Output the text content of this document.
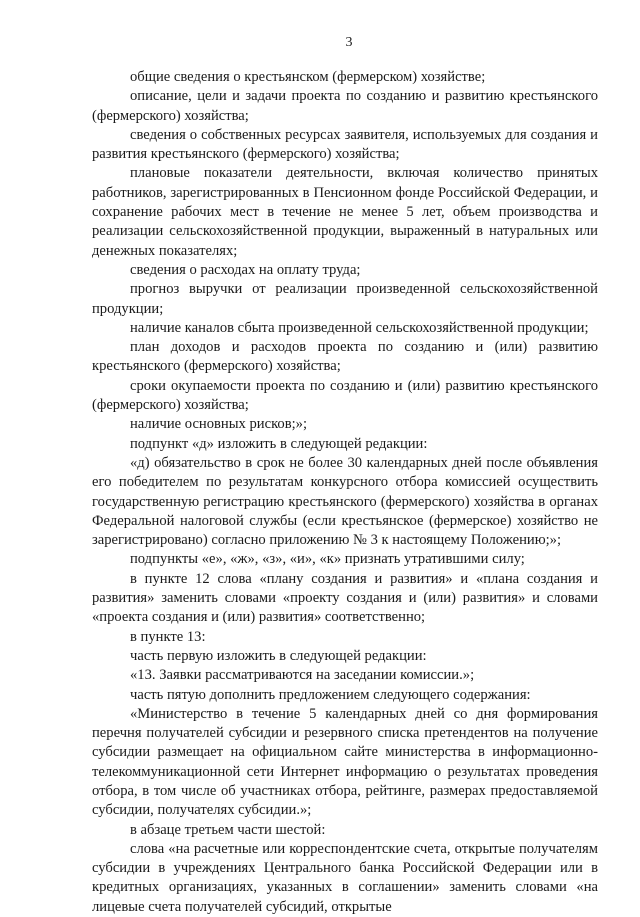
3

общие сведения о крестьянском (фермерском) хозяйстве;

описание, цели и задачи проекта по созданию и развитию крестьянского (фермерского) хозяйства;

сведения о собственных ресурсах заявителя, используемых для создания и развития крестьянского (фермерского) хозяйства;

плановые показатели деятельности, включая количество принятых работников, зарегистрированных в Пенсионном фонде Российской Федерации, и сохранение рабочих мест в течение не менее 5 лет, объем производства и реализации сельскохозяйственной продукции, выраженный в натуральных или денежных показателях;

сведения о расходах на оплату труда;

прогноз выручки от реализации произведенной сельскохозяйственной продукции;

наличие каналов сбыта произведенной сельскохозяйственной продукции;

план доходов и расходов проекта по созданию и (или) развитию крестьянского (фермерского) хозяйства;

сроки окупаемости проекта по созданию и (или) развитию крестьянского (фермерского) хозяйства;

наличие основных рисков;»;

подпункт «д» изложить в следующей редакции:

«д) обязательство в срок не более 30 календарных дней после объявления его победителем по результатам конкурсного отбора комиссией осуществить государственную регистрацию крестьянского (фермерского) хозяйства в органах Федеральной налоговой службы (если крестьянское (фермерское) хозяйство не зарегистрировано) согласно приложению № 3 к настоящему Положению;»;

подпункты «е», «ж», «з», «и», «к» признать утратившими силу;

в пункте 12 слова «плану создания и развития» и «плана создания и развития» заменить словами «проекту создания и (или) развития» и словами «проекта создания и (или) развития» соответственно;

в пункте 13:

часть первую изложить в следующей редакции:

«13. Заявки рассматриваются на заседании комиссии.»;

часть пятую дополнить предложением следующего содержания:

«Министерство в течение 5 календарных дней со дня формирования перечня получателей субсидии и резервного списка претендентов на получение субсидии размещает на официальном сайте министерства в информационно-телекоммуникационной сети Интернет информацию о результатах проведения отбора, в том числе об участниках отбора, рейтинге, размерах предоставляемой субсидии, получателях субсидии.»;

в абзаце третьем части шестой:

слова «на расчетные или корреспондентские счета, открытые получателям субсидии в учреждениях Центрального банка Российской Федерации или в кредитных организациях, указанных в соглашении» заменить словами «на лицевые счета получателей субсидий, открытые
